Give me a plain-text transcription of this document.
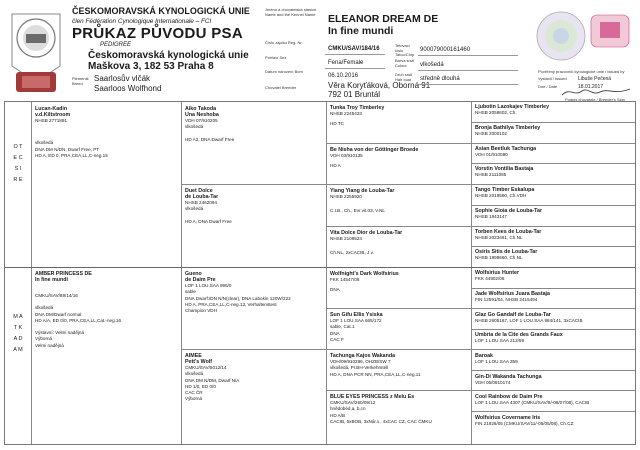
ČESKOMORAVSKÁ KYNOLOGICKÁ UNIE
člen Fédération Cynologique Internationale – FCI
PRŮKAZ PŮVODU PSA
PEDIGREE
Českomoravská kynologická unie
Maškova 3, 182 53 Praha 8
Plemeník Breed
Saarlosův vlčák
Saarloos Wolfhond
Jméno a chovatelská stanice Name and the Kennel Name
Číslo zápisu Reg. Nr.
Pohlaví Sex
Datum narození Born
Chovatel Breeder
ELEANOR DREAM DE
In fine mundi
CMKU/SAV/184/16
Fena/Female
06.10.2016
Věra Koryťáková, Oborná 91
792 01 Bruntál
Tetovací číslo Tatoo/Chip
900079000161460
Barva srsti Colour	vlkošedá
Druh srsti Hair coat	středně dlouhá
Pověřený pracovník kynologické unie / Issued by
Vystavil / Issued Libuše Pečená
Dne / Date	18.01.2017
Podpis chovatele / Breeder's Sign
O T E C S I R E
M A T K A D A M
Lucan-Kadin
v.d.Kiltstroom
NHSB 2771891
vlkošedá
DNA DM N/DN, Dwarf Free, PT
HD A, ED 0, PRA,CEA,LL,C-neg.15
AMBER PRINCESS DE
In fine mundi
CMKU/SAV/89/14/16
vlkošedá
DNA DM/Dwarf normal
HD A/A, ED 0/0, PRA,CEA,LL,Cat.-neg.16
Výstavní: Velmi nadějná
Výborná
Velmi nadějná
Aiko Takoda
Una Neshoba
VDH 07/910205
vlkošedá
HD A2, DNA Dwarf Free
Duet Dolce
de Louba-Tar
NHSB 2462094
vlkošedá
HD A, DNA Dwarf Free
Gueno
de Daim Pre
LOF 1 LOU.SAA 995/0
sable
DNA Dwarf:/DN N/N(clear), DNA Labokin 120W/222
HD A, PRA,CEA,LL,C-neg.13, Verhaltenstest
Champion VDH
AIMÉE
Pett's Wolf
CMKU/SAV/5012/14
vlkošedá
DNA DM N/DM, Dwarf N/A
HD 1/0, ED 0/0
CAC ČR
Výborná
Tunka Troy Timberley
NHSB 2245433
HD TC
Be Nisha von der Göttinger Broede
VDH 03/910135
HD A
Yiang Yiang de Louba-Tar
NHSB 2255920
C.I.B., Ch., Evr.vit.03, V.NL
Vita Dolce Dior de Louba-Tar
NHSB 2109524
Ch.NL, 2xCACIB, J.v.
Wolfnight's Dark Wolfsirius
FKK 14547/08
DNA
Sun Gifu Ellis Ysiska
LOF 1 LOU.SAA 665/172
sable, Cat.1
DNA
CAC F
Tachunga Kajos Wakanda
VDH/09/910286, OHZB/SW 7
vlkošedá, Pr.BH-Verkehrstell
HD A, DNA PCR NN, PRA,CEA,LL,C-neg.11
BLUE EYES PRINCESS z Melu Es
CMKU/SAV/260/09/12
hnědobéd,a, b,cn
HD A/B
CACIB, 6xBOB, 3xNár.v., 4xCAC CZ, CAC ČMKU
Ljubotin Lazokajev Timberley
NHSB 2058602, Ch.
Bronja Bathilya Timberley
NHSB 2000102
Asian Beetluk Tachunga
VDH 01/910080
Vorstin Vontilia Bastaja
NHSB 2111065
Tango Timber Eskalupa
NHSB 2019590, Ch.VDH
Sophie Gioia de Louba-Tar
NHSB 1943147
Torben Kees de Louba-Tar
NHSB 2023461, Ch.NL
Osiris Sitis de Louba-Tar
NHSB 1898660, Ch.NL
Wolfsirius Hunter
FKK 44902/06
Jade Wolfsirius Juara Bastaja
FIN 12591/04, NHSB 2415494
Glaz Go Gandalf de Louba-Tar
NHSB 2605167, LOF 1 LOU.SAA 984/141, 3xCACIB
Umbria de la Cite des Grands Faux
LOF 1 LOU.SAA 212/59
Baroak
LOF 1 LOU.SAA 359
Gin-Di Wakanda Tachunga
VDH 05/0910174
Cool Rainbow de Daim Pre
LOF 1 LOU.SAA 4307 (CMKU/SAV/8/-08/07/08), CACIB
Wolfsirius Covername Iris
FIN 21926/05 (CMKU/SAV/11/-05/05/08), Ch.CZ
